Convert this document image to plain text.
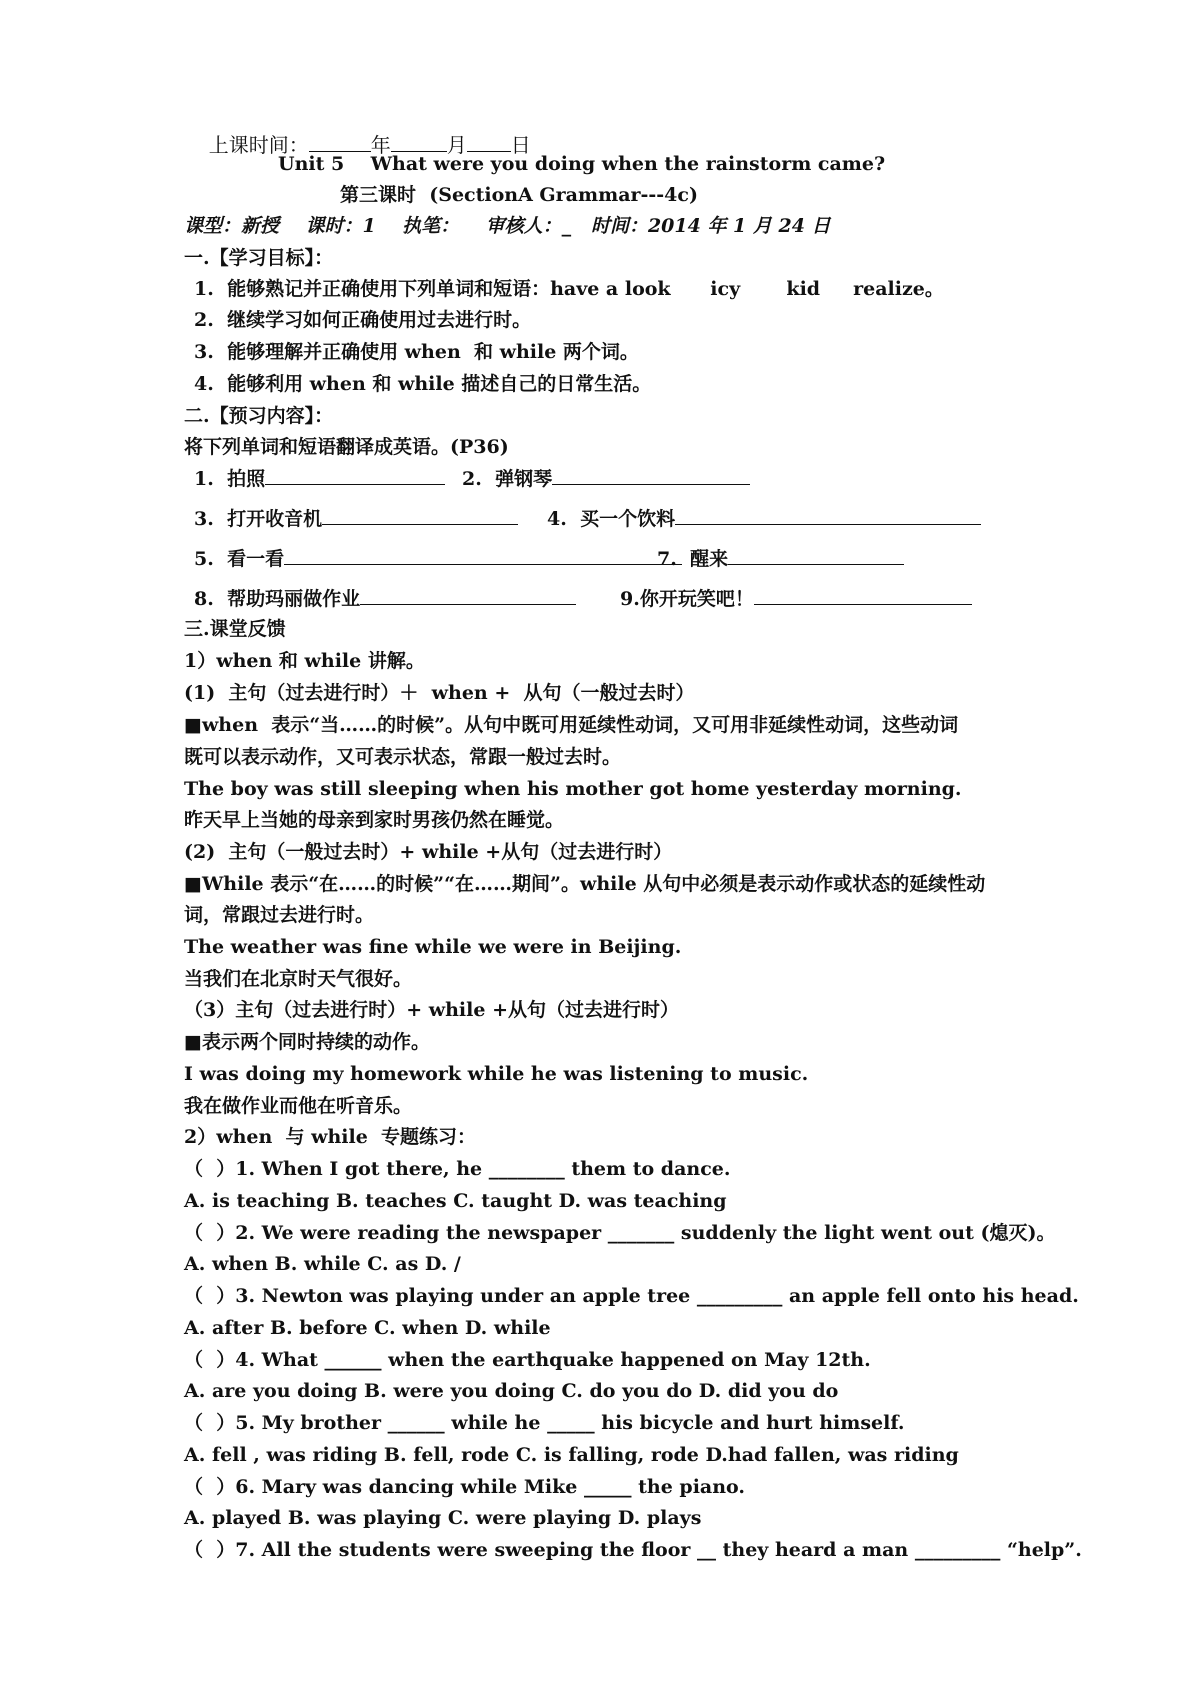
上课时间：	年	月 日

Unit 5    What were you doing when the rainstorm came?
第三课时  (SectionA Grammar---4c)
课型：新授    课时：1    执笔：    审核人：_   时间：2014 年 1 月 24 日
一.【学习目标】：
1.  能够熟记并正确使用下列单词和短语：have a look      icy       kid     realize。
2.  继续学习如何正确使用过去进行时。
3.  能够理解并正确使用 when  和 while 两个词。
4.  能够利用 when 和 while 描述自己的日常生活。
二.【预习内容】：
将下列单词和短语翻译成英语。(P36)
1.  拍照	2.  弹钢琴
3.  打开收音机	4.  买一个饮料
5.  看一看	7.  醒来
8.  帮助玛丽做作业	9.你开玩笑吧！
三.课堂反馈
1）when 和 while 讲解。
(1)  主句（过去进行时）＋  when +  从句（一般过去时）
■when  表示“当……的时候”。从句中既可用延续性动词，又可用非延续性动词，这些动词
既可以表示动作，又可表示状态，常跟一般过去时。
The boy was still sleeping when his mother got home yesterday morning.
昨天早上当她的母亲到家时男孩仍然在睡觉。
(2)  主句（一般过去时）+ while +从句（过去进行时）
■While 表示“在……的时候”“在……期间”。while 从句中必须是表示动作或状态的延续性动
词，常跟过去进行时。
The weather was fine while we were in Beijing.
当我们在北京时天气很好。
（3）主句（过去进行时）+ while +从句（过去进行时）
■表示两个同时持续的动作。
I was doing my homework while he was listening to music.
我在做作业而他在听音乐。
2）when  与 while  专题练习：
（  ）1. When I got there, he ________ them to dance.
A. is teaching B. teaches C. taught D. was teaching
（  ）2. We were reading the newspaper _______ suddenly the light went out (熄灭)。
A. when B. while C. as D. /
（  ）3. Newton was playing under an apple tree _________ an apple fell onto his head.
A. after B. before C. when D. while
（  ）4. What ______ when the earthquake happened on May 12th.
A. are you doing B. were you doing C. do you do D. did you do
（  ）5. My brother ______ while he _____ his bicycle and hurt himself.
A. fell , was riding B. fell, rode C. is falling, rode D.had fallen, was riding
（  ）6. Mary was dancing while Mike _____ the piano.
A. played B. was playing C. were playing D. plays
（  ）7. All the students were sweeping the floor __ they heard a man _________ “help”.
